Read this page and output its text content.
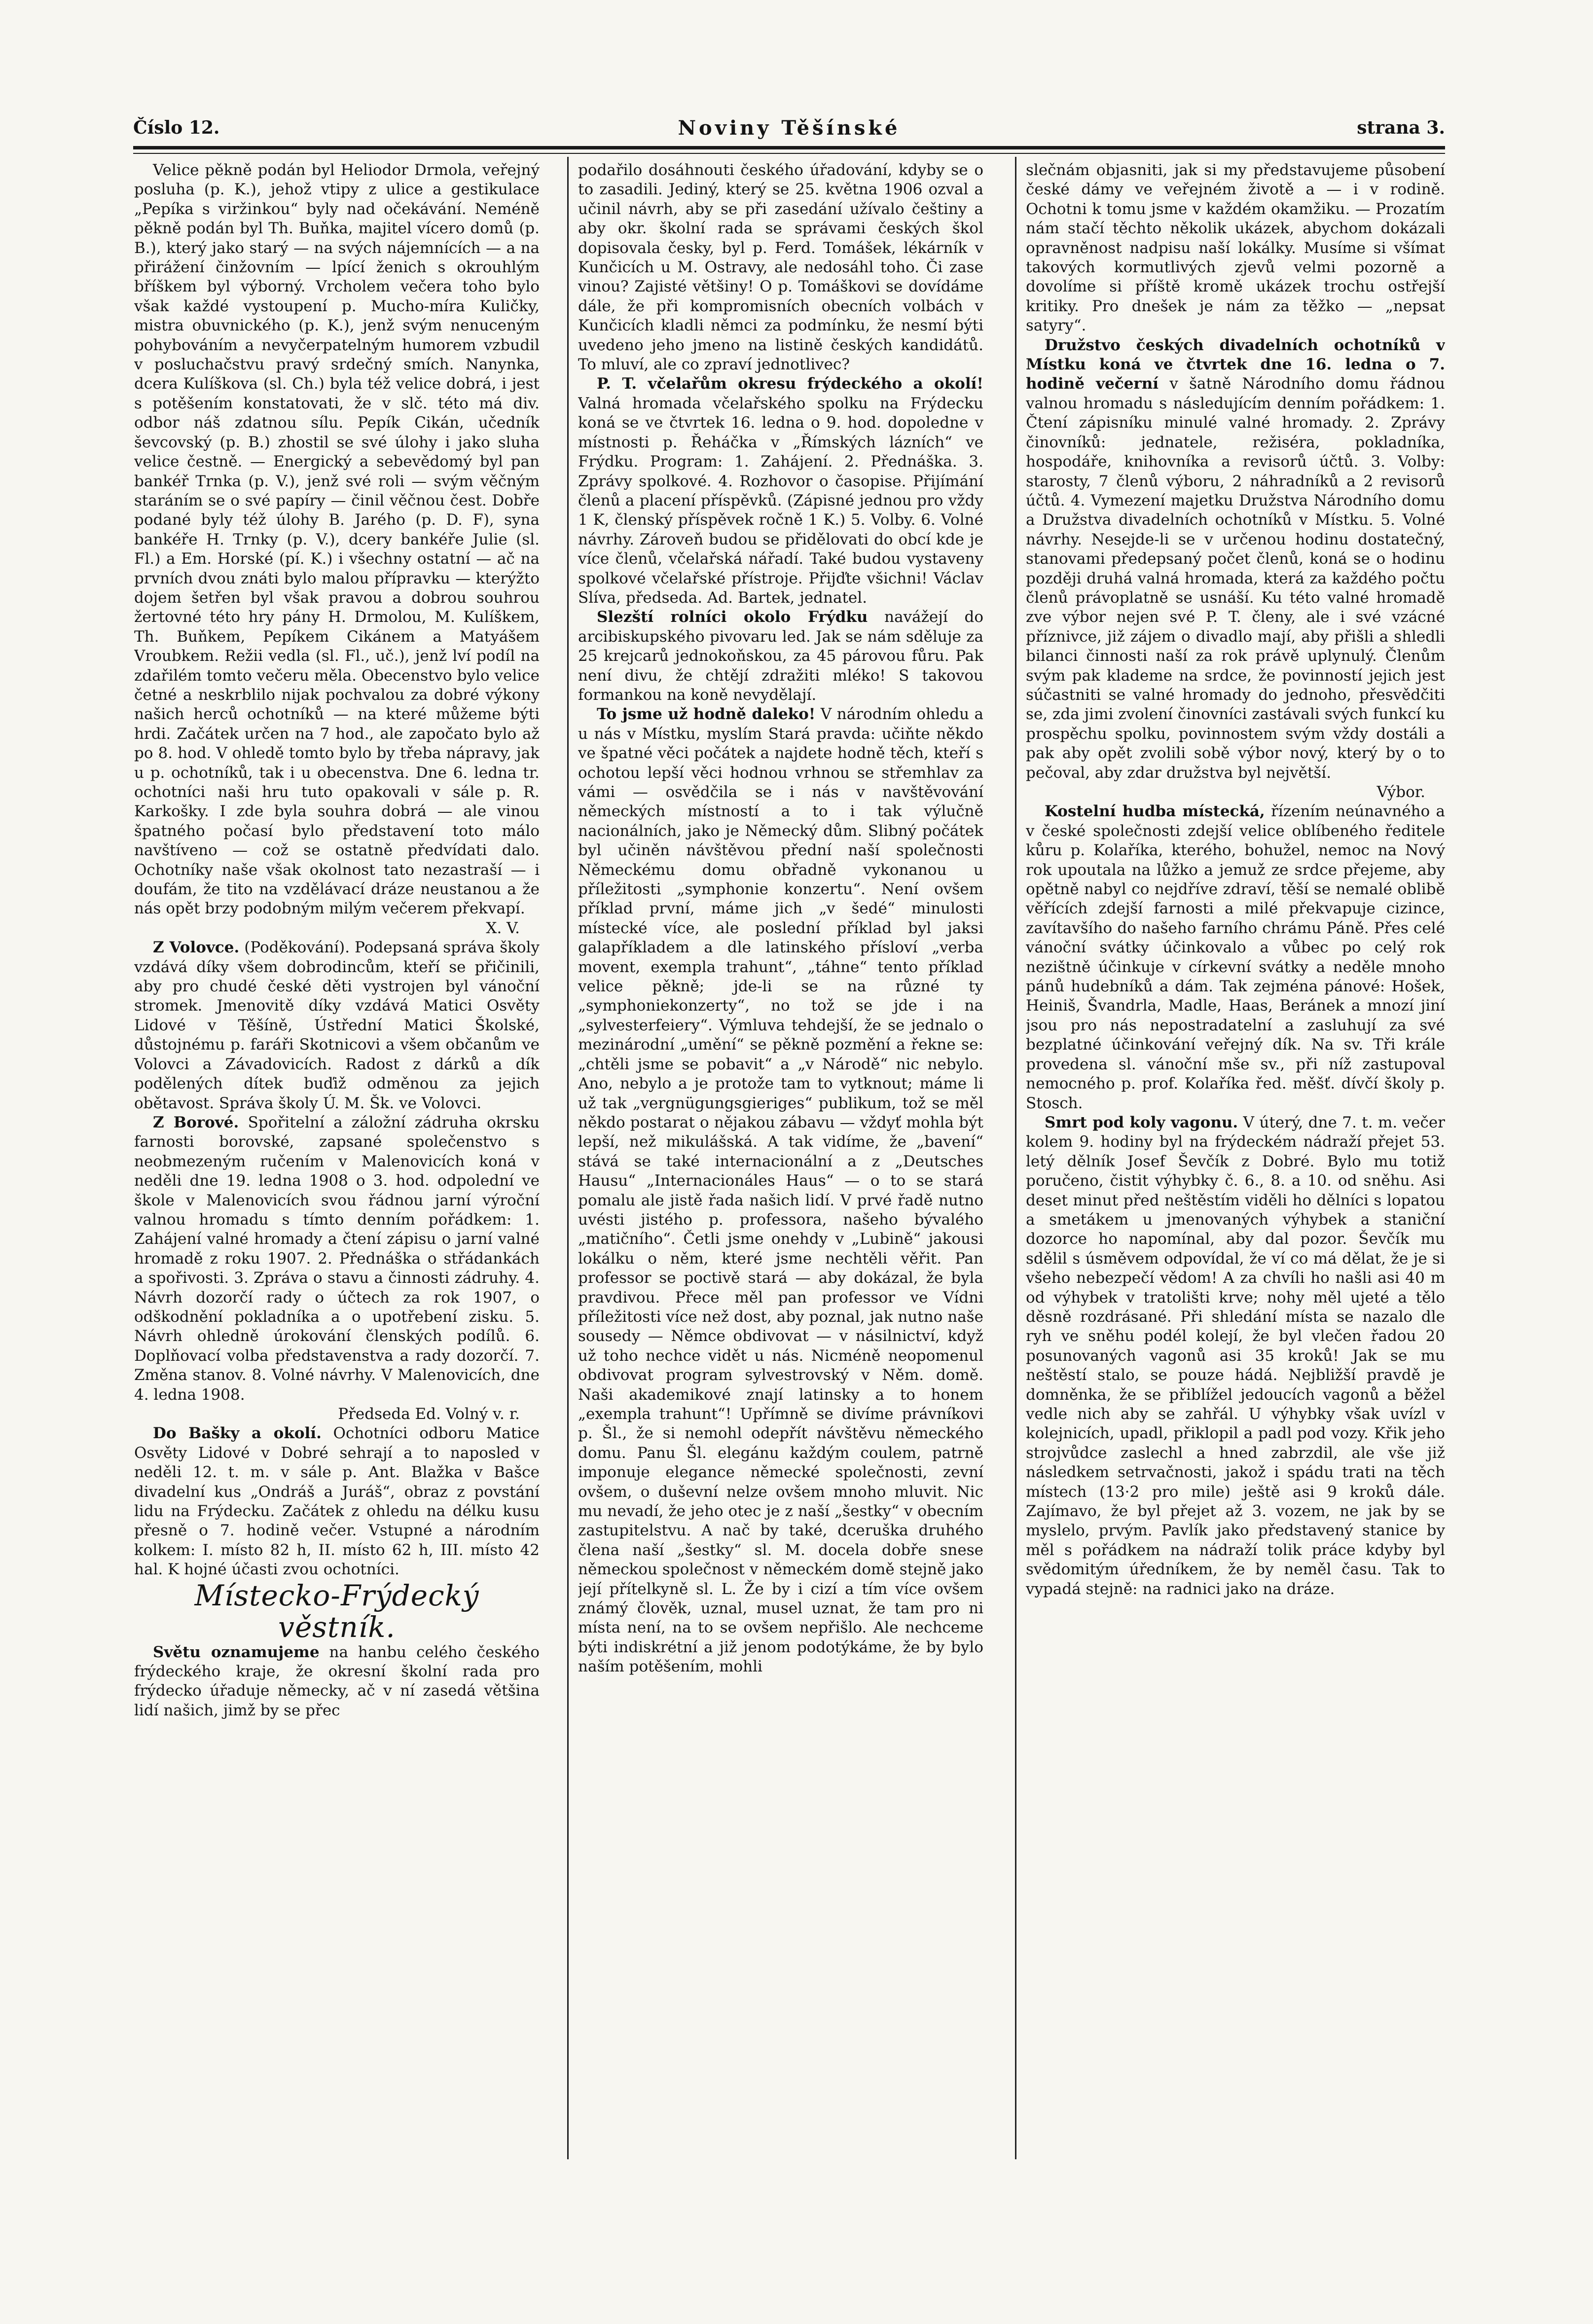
Číslo 12.	Noviny Těšínské	strana 3.

Velice pěkně podán byl Heliodor Drmola, veřejný posluha (p. K.), jehož vtipy z ulice a gestikulace „Pepíka s viržinkou“ byly nad očekávání. Neméně pěkně podán byl Th. Buňka, majitel vícero domů (p. B.), který jako starý — na svých nájemnících — a na přirážení činžovním — lpící ženich s okrouhlým bříškem byl výborný. Vrcholem večera toho bylo však každé vystoupení p. Mucho-míra Kuličky, mistra obuvnického (p. K.), jenž svým nenuceným pohybováním a nevyčerpatelným humorem vzbudil v posluchačstvu pravý srdečný smích. Nanynka, dcera Kulíškova (sl. Ch.) byla též velice dobrá, i jest s potěšením konstatovati, že v slč. této má div. odbor náš zdatnou sílu. Pepík Cikán, učedník ševcovský (p. B.) zhostil se své úlohy i jako sluha velice čestně. — Energický a sebevědomý byl pan bankéř Trnka (p. V.), jenž své roli — svým věčným staráním se o své papíry — činil věčnou čest. Dobře podané byly též úlohy B. Jarého (p. D. F), syna bankéře H. Trnky (p. V.), dcery bankéře Julie (sl. Fl.) a Em. Horské (pí. K.) i všechny ostatní — ač na prvních dvou znáti bylo malou přípravku — kterýžto dojem šetřen byl však pravou a dobrou souhrou žertovné této hry pány H. Drmolou, M. Kulíškem, Th. Buňkem, Pepíkem Cikánem a Matyášem Vroubkem. Režii vedla (sl. Fl., uč.), jenž lví podíl na zdařilém tomto večeru měla. Obecenstvo bylo velice četné a neskrblilo nijak pochvalou za dobré výkony našich herců ochotníků — na které můžeme býti hrdi. Začátek určen na 7 hod., ale započato bylo až po 8. hod. V ohledě tomto bylo by třeba nápravy, jak u p. ochotníků, tak i u obecenstva. Dne 6. ledna tr. ochotníci naši hru tuto opakovali v sále p. R. Karkošky. I zde byla souhra dobrá — ale vinou špatného počasí bylo představení toto málo navštíveno — což se ostatně předvídati dalo. Ochotníky naše však okolnost tato nezastraší — i doufám, že tito na vzdělávací dráze neustanou a že nás opět brzy podobným milým večerem překvapí.

X. V.

Z Volovce. (Poděkování). Podepsaná správa školy vzdává díky všem dobrodincům, kteří se přičinili, aby pro chudé české děti vystrojen byl vánoční stromek. Jmenovitě díky vzdává Matici Osvěty Lidové v Těšíně, Ústřední Matici Školské, důstojnému p. faráři Skotnicovi a všem občanům ve Volovci a Závadovicích. Radost z dárků a dík podělených dítek buďiž odměnou za jejich obětavost. Správa školy Ú. M. Šk. ve Volovci.

Z Borové. Spořitelní a záložní zádruha okrsku farnosti borovské, zapsané společenstvo s neobmezeným ručením v Malenovicích koná v neděli dne 19. ledna 1908 o 3. hod. odpolední ve škole v Malenovicích svou řádnou jarní výroční valnou hromadu s tímto denním pořádkem: 1. Zahájení valné hromady a čtení zápisu o jarní valné hromadě z roku 1907. 2. Přednáška o střádankách a spořivosti. 3. Zpráva o stavu a činnosti zádruhy. 4. Návrh dozorčí rady o účtech za rok 1907, o odškodnění pokladníka a o upotřebení zisku. 5. Návrh ohledně úrokování členských podílů. 6. Doplňovací volba představenstva a rady dozorčí. 7. Změna stanov. 8. Volné návrhy. V Malenovicích, dne 4. ledna 1908.

Předseda Ed. Volný v. r.

Do Bašky a okolí. Ochotníci odboru Matice Osvěty Lidové v Dobré sehrají a to naposled v neděli 12. t. m. v sále p. Ant. Blažka v Bašce divadelní kus „Ondráš a Juráš“, obraz z povstání lidu na Frýdecku. Začátek z ohledu na délku kusu přesně o 7. hodině večer. Vstupné a národním kolkem: I. místo 82 h, II. místo 62 h, III. místo 42 hal. K hojné účasti zvou ochotníci.

Místecko-Frýdecký věstník.

Světu oznamujeme na hanbu celého českého frýdeckého kraje, že okresní školní rada pro frýdecko úřaduje německy, ač v ní zasedá většina lidí našich, jimž by se přec

podařilo dosáhnouti českého úřadování, kdyby se o to zasadili. Jediný, který se 25. května 1906 ozval a učinil návrh, aby se při zasedání užívalo češtiny a aby okr. školní rada se správami českých škol dopisovala česky, byl p. Ferd. Tomášek, lékárník v Kunčicích u M. Ostravy, ale nedosáhl toho. Či zase vinou? Zajisté většiny! O p. Tomáškovi se dovídáme dále, že při kompromisních obecních volbách v Kunčicích kladli němci za podmínku, že nesmí býti uvedeno jeho jmeno na listině českých kandidátů. To mluví, ale co zpraví jednotlivec?

P. T. včelařům okresu frýdeckého a okolí! Valná hromada včelařského spolku na Frýdecku koná se ve čtvrtek 16. ledna o 9. hod. dopoledne v místnosti p. Řeháčka v „Římských lázních“ ve Frýdku. Program: 1. Zahájení. 2. Přednáška. 3. Zprávy spolkové. 4. Rozhovor o časopise. Přijímání členů a placení příspěvků. (Zápisné jednou pro vždy 1 K, členský příspěvek ročně 1 K.) 5. Volby. 6. Volné návrhy. Zároveň budou se přidělovati do obcí kde je více členů, včelařská nářadí. Také budou vystaveny spolkové včelařské přístroje. Přijďte všichni! Václav Slíva, předseda. Ad. Bartek, jednatel.

Slezští rolníci okolo Frýdku navážejí do arcibiskupského pivovaru led. Jak se nám sděluje za 25 krejcarů jednokoňskou, za 45 párovou fůru. Pak není divu, že chtějí zdražiti mléko! S takovou formankou na koně nevydělají.

To jsme už hodně daleko! V národním ohledu a u nás v Místku, myslím Stará pravda: učiňte někdo ve špatné věci počátek a najdete hodně těch, kteří s ochotou lepší věci hodnou vrhnou se střemhlav za vámi — osvědčila se i nás v navštěvování německých místností a to i tak výlučně nacionálních, jako je Německý dům. Slibný počátek byl učiněn návštěvou přední naší společnosti Německému domu obřadně vykonanou u příležitosti „symphonie konzertu“. Není ovšem příklad první, máme jich „v šedé“ minulosti místecké více, ale poslední příklad byl jaksi galapříkladem a dle latinského přísloví „verba movent, exempla trahunt“, „táhne“ tento příklad velice pěkně; jde-li se na různé ty „symphoniekonzerty“, no tož se jde i na „sylvesterfeiery“. Výmluva tehdejší, že se jednalo o mezinárodní „umění“ se pěkně pozmění a řekne se: „chtěli jsme se pobavit“ a „v Národě“ nic nebylo. Ano, nebylo a je protože tam to vytknout; máme li už tak „vergnügungsgieriges“ publikum, tož se měl někdo postarat o nějakou zábavu — vždyť mohla být lepší, než mikulášská. A tak vidíme, že „bavení“ stává se také internacionální a z „Deutsches Hausu“ „Internacionáles Haus“ — o to se stará pomalu ale jistě řada našich lidí. V prvé řadě nutno uvésti jistého p. professora, našeho bývalého „matičního“. Četli jsme onehdy v „Lubině“ jakousi lokálku o něm, které jsme nechtěli věřit. Pan professor se poctivě stará — aby dokázal, že byla pravdivou. Přece měl pan professor ve Vídni příležitosti více než dost, aby poznal, jak nutno naše sousedy — Němce obdivovat — v násilnictví, když už toho nechce vidět u nás. Nicméně neopomenul obdivovat program sylvestrovský v Něm. domě. Naši akademikové znají latinsky a to honem „exempla trahunt“! Upřímně se divíme právníkovi p. Šl., že si nemohl odepřít návštěvu německého domu. Panu Šl. elegánu každým coulem, patrně imponuje elegance německé společnosti, zevní ovšem, o duševní nelze ovšem mnoho mluvit. Nic mu nevadí, že jeho otec je z naší „šestky“ v obecním zastupitelstvu. A nač by také, dceruška druhého člena naší „šestky“ sl. M. docela dobře snese německou společnost v německém domě stejně jako její přítelkyně sl. L. Že by i cizí a tím více ovšem známý člověk, uznal, musel uznat, že tam pro ni místa není, na to se ovšem nepřišlo. Ale nechceme býti indiskrétní a již jenom podotýkáme, že by bylo naším potěšením, mohli

slečnám objasniti, jak si my představujeme působení české dámy ve veřejném životě a — i v rodině. Ochotni k tomu jsme v každém okamžiku. — Prozatím nám stačí těchto několik ukázek, abychom dokázali opravněnost nadpisu naší lokálky. Musíme si všímat takových kormutlivých zjevů velmi pozorně a dovolíme si příště kromě ukázek trochu ostřejší kritiky. Pro dnešek je nám za těžko — „nepsat satyry“.

Družstvo českých divadelních ochotníků v Místku koná ve čtvrtek dne 16. ledna o 7. hodině večerní v šatně Národního domu řádnou valnou hromadu s následujícím denním pořádkem: 1. Čtení zápisníku minulé valné hromady. 2. Zprávy činovníků: jednatele, režiséra, pokladníka, hospodáře, knihovníka a revisorů účtů. 3. Volby: starosty, 7 členů výboru, 2 náhradníků a 2 revisorů účtů. 4. Vymezení majetku Družstva Národního domu a Družstva divadelních ochotníků v Místku. 5. Volné návrhy. Nesejde-li se v určenou hodinu dostatečný, stanovami předepsaný počet členů, koná se o hodinu později druhá valná hromada, která za každého počtu členů právoplatně se usnáší. Ku této valné hromadě zve výbor nejen své P. T. členy, ale i své vzácné příznivce, již zájem o divadlo mají, aby přišli a shledli bilanci činnosti naší za rok právě uplynulý. Členům svým pak klademe na srdce, že povinností jejich jest súčastniti se valné hromady do jednoho, přesvědčiti se, zda jimi zvolení činovníci zastávali svých funkcí ku prospěchu spolku, povinnostem svým vždy dostáli a pak aby opět zvolili sobě výbor nový, který by o to pečoval, aby zdar družstva byl největší.

Výbor.

Kostelní hudba místecká, řízením neúnavného a v české společnosti zdejší velice oblíbeného ředitele kůru p. Kolaříka, kterého, bohužel, nemoc na Nový rok upoutala na lůžko a jemuž ze srdce přejeme, aby opětně nabyl co nejdříve zdraví, těší se nemalé oblibě věřících zdejší farnosti a milé překvapuje cizince, zavítavšího do našeho farního chrámu Páně. Přes celé vánoční svátky účinkovalo a vůbec po celý rok nezištně účinkuje v církevní svátky a neděle mnoho pánů hudebníků a dám. Tak zejména pánové: Hošek, Heiniš, Švandrla, Madle, Haas, Beránek a mnozí jiní jsou pro nás nepostradatelní a zasluhují za své bezplatné účinkování veřejný dík. Na sv. Tři krále provedena sl. vánoční mše sv., při níž zastupoval nemocného p. prof. Kolaříka řed. měšť. dívčí školy p. Stosch.

Smrt pod koly vagonu. V úterý, dne 7. t. m. večer kolem 9. hodiny byl na frýdeckém nádraží přejet 53. letý dělník Josef Ševčík z Dobré. Bylo mu totiž poručeno, čistit výhybky č. 6., 8. a 10. od sněhu. Asi deset minut před neštěstím viděli ho dělníci s lopatou a smetákem u jmenovaných výhybek a staniční dozorce ho napomínal, aby dal pozor. Ševčík mu sdělil s úsměvem odpovídal, že ví co má dělat, že je si všeho nebezpečí vědom! A za chvíli ho našli asi 40 m od výhybek v tratolišti krve; nohy měl ujeté a tělo děsně rozdrásané. Při shledání místa se nazalo dle ryh ve sněhu podél kolejí, že byl vlečen řadou 20 posunovaných vagonů asi 35 kroků! Jak se mu neštěstí stalo, se pouze hádá. Nejbližší pravdě je domněnka, že se přiblížel jedoucích vagonů a běžel vedle nich aby se zahřál. U výhybky však uvízl v kolejnicích, upadl, přiklopil a padl pod vozy. Křik jeho strojvůdce zaslechl a hned zabrzdil, ale vše již následkem setrvačnosti, jakož i spádu trati na těch místech (13·2 pro mile) ještě asi 9 kroků dále. Zajímavo, že byl přejet až 3. vozem, ne jak by se myslelo, prvým. Pavlík jako představený stanice by měl s pořádkem na nádraží tolik práce kdyby byl svědomitým úředníkem, že by neměl času. Tak to vypadá stejně: na radnici jako na dráze.
